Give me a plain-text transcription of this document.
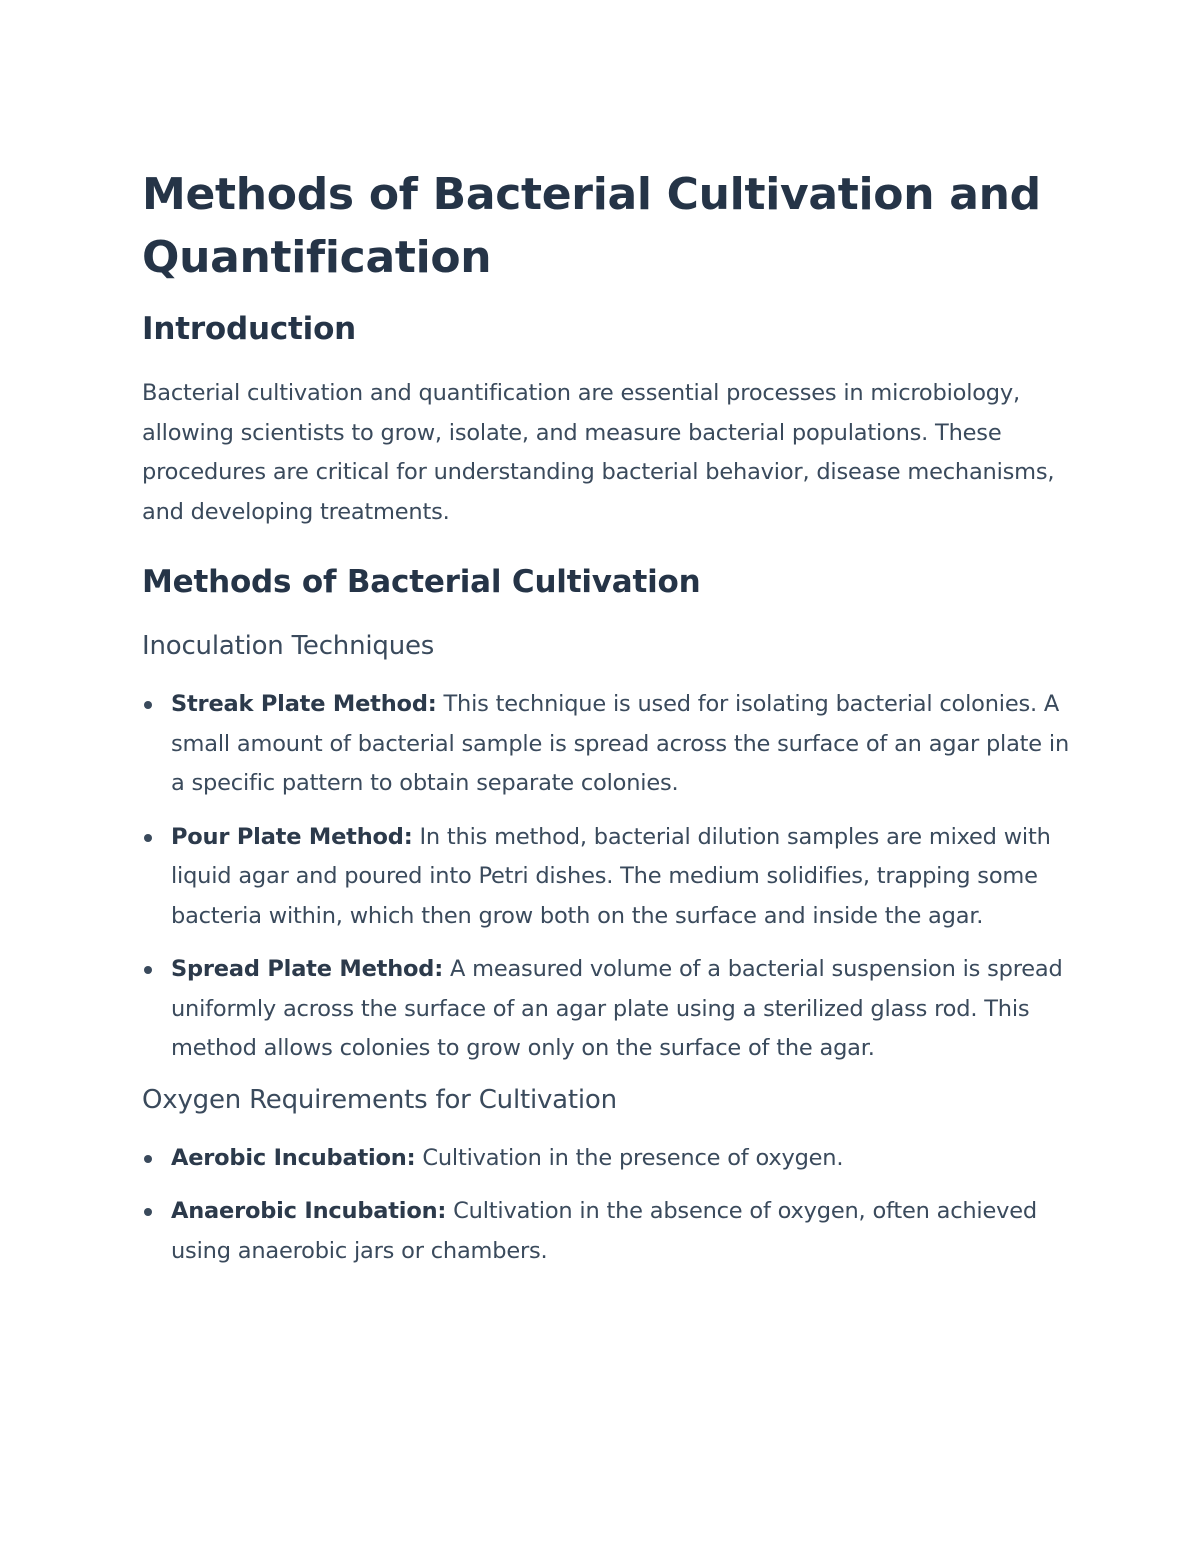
Methods of Bacterial Cultivation and Quantification
Introduction

Bacterial cultivation and quantification are essential processes in microbiology, allowing scientists to grow, isolate, and measure bacterial populations. These procedures are critical for understanding bacterial behavior, disease mechanisms, and developing treatments.

Methods of Bacterial Cultivation
Inoculation Techniques
Streak Plate Method: This technique is used for isolating bacterial colonies. A small amount of bacterial sample is spread across the surface of an agar plate in a specific pattern to obtain separate colonies.
Pour Plate Method: In this method, bacterial dilution samples are mixed with liquid agar and poured into Petri dishes. The medium solidifies, trapping some bacteria within, which then grow both on the surface and inside the agar.
Spread Plate Method: A measured volume of a bacterial suspension is spread uniformly across the surface of an agar plate using a sterilized glass rod. This method allows colonies to grow only on the surface of the agar.
Oxygen Requirements for Cultivation
Aerobic Incubation: Cultivation in the presence of oxygen.
Anaerobic Incubation: Cultivation in the absence of oxygen, often achieved using anaerobic jars or chambers.
